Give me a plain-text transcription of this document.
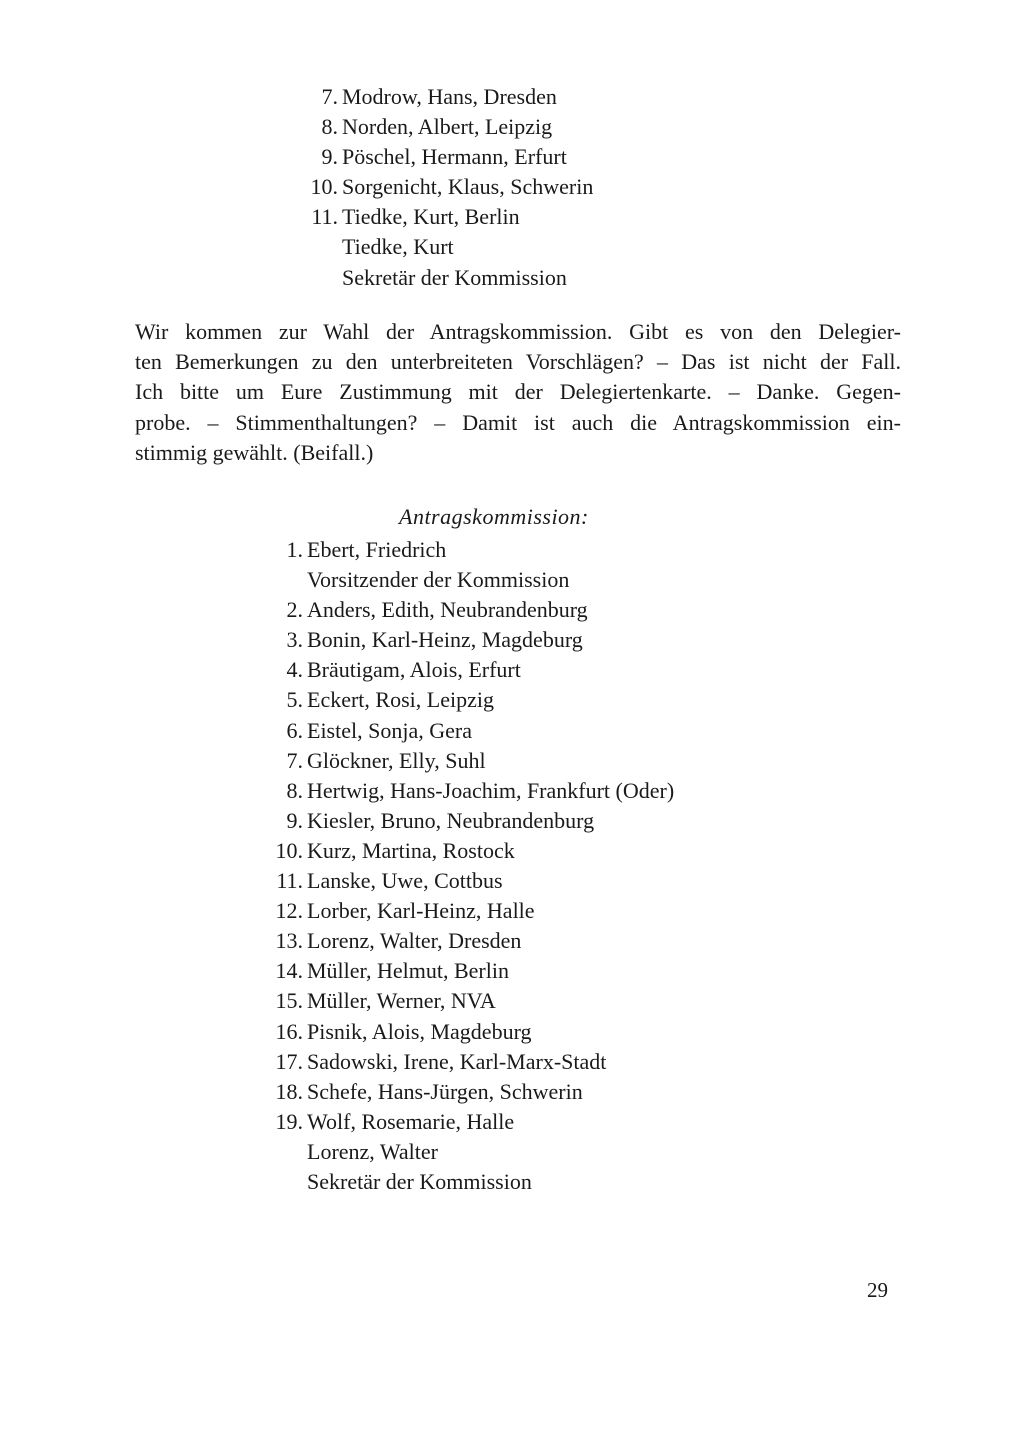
7. Modrow, Hans, Dresden
8. Norden, Albert, Leipzig
9. Pöschel, Hermann, Erfurt
10. Sorgenicht, Klaus, Schwerin
11. Tiedke, Kurt, Berlin
Tiedke, Kurt
Sekretär der Kommission

Wir kommen zur Wahl der Antragskommission. Gibt es von den Delegier-
ten Bemerkungen zu den unterbreiteten Vorschlägen? – Das ist nicht der Fall.
Ich bitte um Eure Zustimmung mit der Delegiertenkarte. – Danke. Gegen-
probe. – Stimmenthaltungen? – Damit ist auch die Antragskommission ein-
stimmig gewählt. (Beifall.)

Antragskommission:
1. Ebert, Friedrich
Vorsitzender der Kommission
2. Anders, Edith, Neubrandenburg
3. Bonin, Karl-Heinz, Magdeburg
4. Bräutigam, Alois, Erfurt
5. Eckert, Rosi, Leipzig
6. Eistel, Sonja, Gera
7. Glöckner, Elly, Suhl
8. Hertwig, Hans-Joachim, Frankfurt (Oder)
9. Kiesler, Bruno, Neubrandenburg
10. Kurz, Martina, Rostock
11. Lanske, Uwe, Cottbus
12. Lorber, Karl-Heinz, Halle
13. Lorenz, Walter, Dresden
14. Müller, Helmut, Berlin
15. Müller, Werner, NVA
16. Pisnik, Alois, Magdeburg
17. Sadowski, Irene, Karl-Marx-Stadt
18. Schefe, Hans-Jürgen, Schwerin
19. Wolf, Rosemarie, Halle
Lorenz, Walter
Sekretär der Kommission
29
